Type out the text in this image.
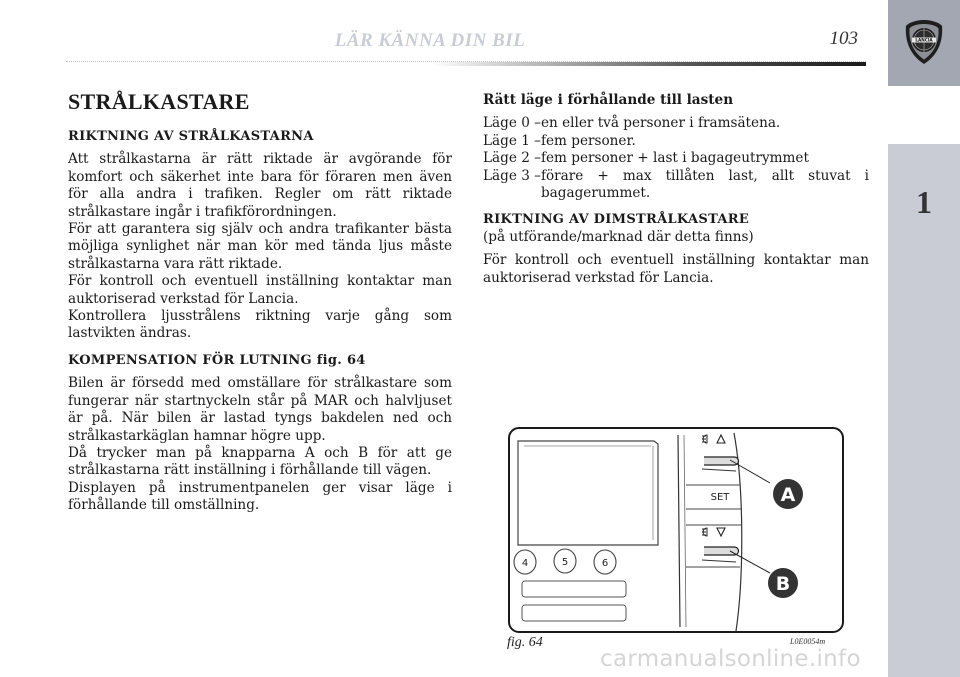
LÄR KÄNNA DIN BIL	103	LANCIA
1
STRÅLKASTARE
RIKTNING AV STRÅLKASTARNA

Att strålkastarna är rätt riktade är avgörande för komfort och säkerhet inte bara för föraren men även för alla andra i trafiken. Regler om rätt riktade strålkastare ingår i trafikförordningen.

För att garantera sig själv och andra trafikanter bästa möjliga synlighet när man kör med tända ljus måste strålkastarna vara rätt riktade.

För kontroll och eventuell inställning kontaktar man auktoriserad verkstad för Lancia.

Kontrollera ljusstrålens riktning varje gång som lastvikten ändras.

KOMPENSATION FÖR LUTNING fig. 64

Bilen är försedd med omställare för strålkastare som fungerar när startnyckeln står på MAR och halvljuset är på. När bilen är lastad tyngs bakdelen ned och strålkastarkäglan hamnar högre upp.

Då trycker man på knapparna A och B för att ge strålkastarna rätt inställning i förhållande till vägen.

Displayen på instrumentpanelen ger visar läge i förhållande till omställning.

Rätt läge i förhållande till lasten
Läge 0 – en eller två personer i framsätena.
Läge 1 – fem personer.
Läge 2 – fem personer + last i bagageutrymmet
Läge 3 – förare + max tillåten last, allt stuvat i bagagerummet.
RIKTNING AV DIMSTRÅLKASTARE

(på utförande/marknad där detta finns)

För kontroll och eventuell inställning kontaktar man auktoriserad verkstad för Lancia.

4	5	6
SET	A
B
fig. 64	L0E0054m
carmanualsonline.info
